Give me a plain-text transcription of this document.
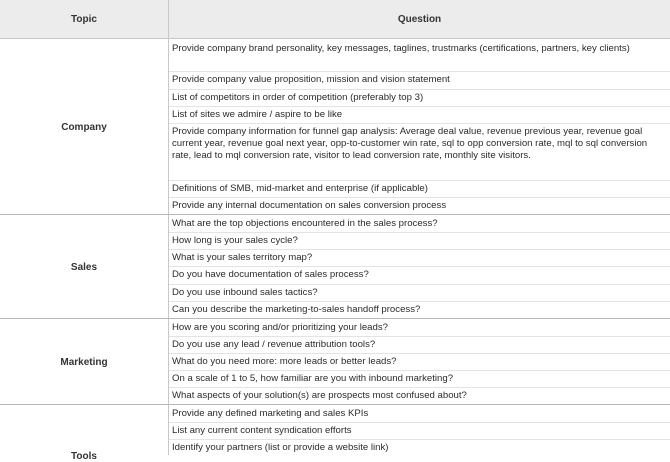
Topic	Question
Company
Provide company brand personality, key messages, taglines, trustmarks (certifications, partners, key clients)
Provide company value proposition, mission and vision statement
List of competitors in order of competition (preferably top 3)
List of sites we admire / aspire to be like
Provide company information for funnel gap analysis: Average deal value, revenue previous year, revenue goal current year, revenue goal next year, opp-to-customer win rate, sql to opp conversion rate, mql to sql conversion rate, lead to mql conversion rate, visitor to lead conversion rate, monthly site visitors.
Definitions of SMB, mid-market and enterprise (if applicable)
Provide any internal documentation on sales conversion process
Sales
What are the top objections encountered in the sales process?
How long is your sales cycle?
What is your sales territory map?
Do you have documentation of sales process?
Do you use inbound sales tactics?
Can you describe the marketing-to-sales handoff process?
Marketing
How are you scoring and/or prioritizing your leads?
Do you use any lead / revenue attribution tools?
What do you need more: more leads or better leads?
On a scale of 1 to 5, how familiar are you with inbound marketing?
What aspects of your solution(s) are prospects most confused about?
Tools
Provide any defined marketing and sales KPIs
List any current content syndication efforts
Identify your partners (list or provide a website link)
